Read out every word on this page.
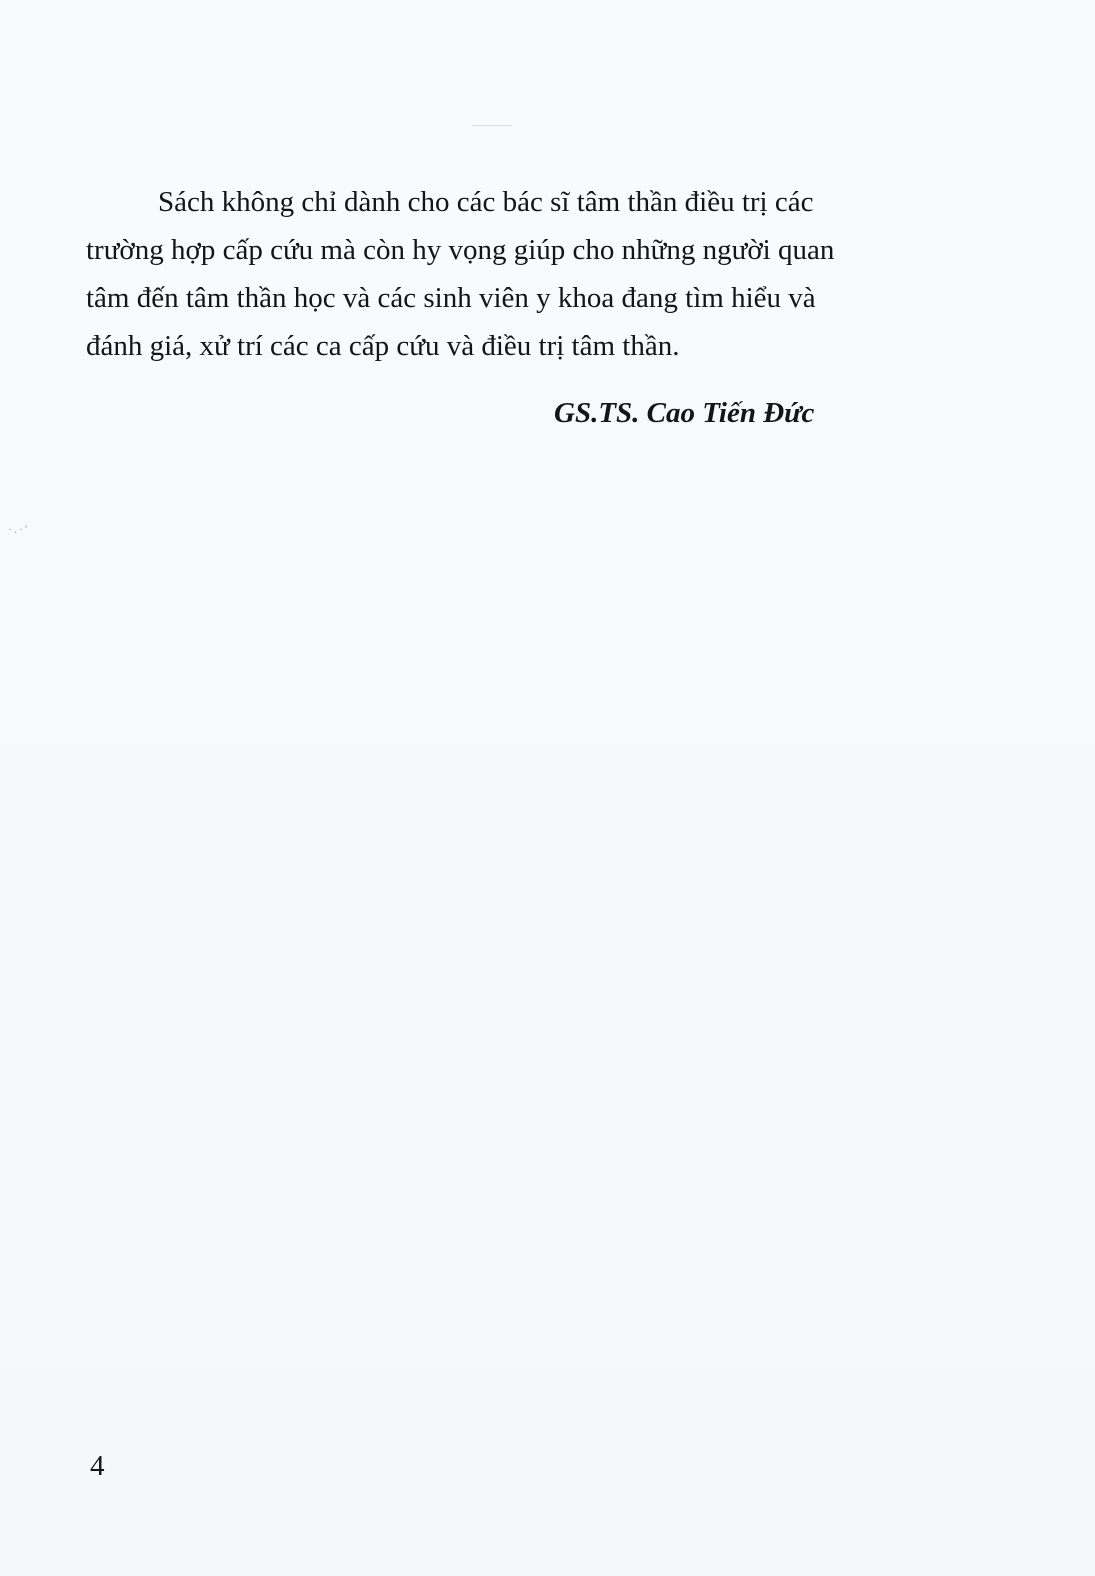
·.·'

Sách không chỉ dành cho các bác sĩ tâm thần điều trị các
trường hợp cấp cứu mà còn hy vọng giúp cho những người quan
tâm đến tâm thần học và các sinh viên y khoa đang tìm hiểu và
đánh giá, xử trí các ca cấp cứu và điều trị tâm thần.

GS.TS. Cao Tiến Đức

4
